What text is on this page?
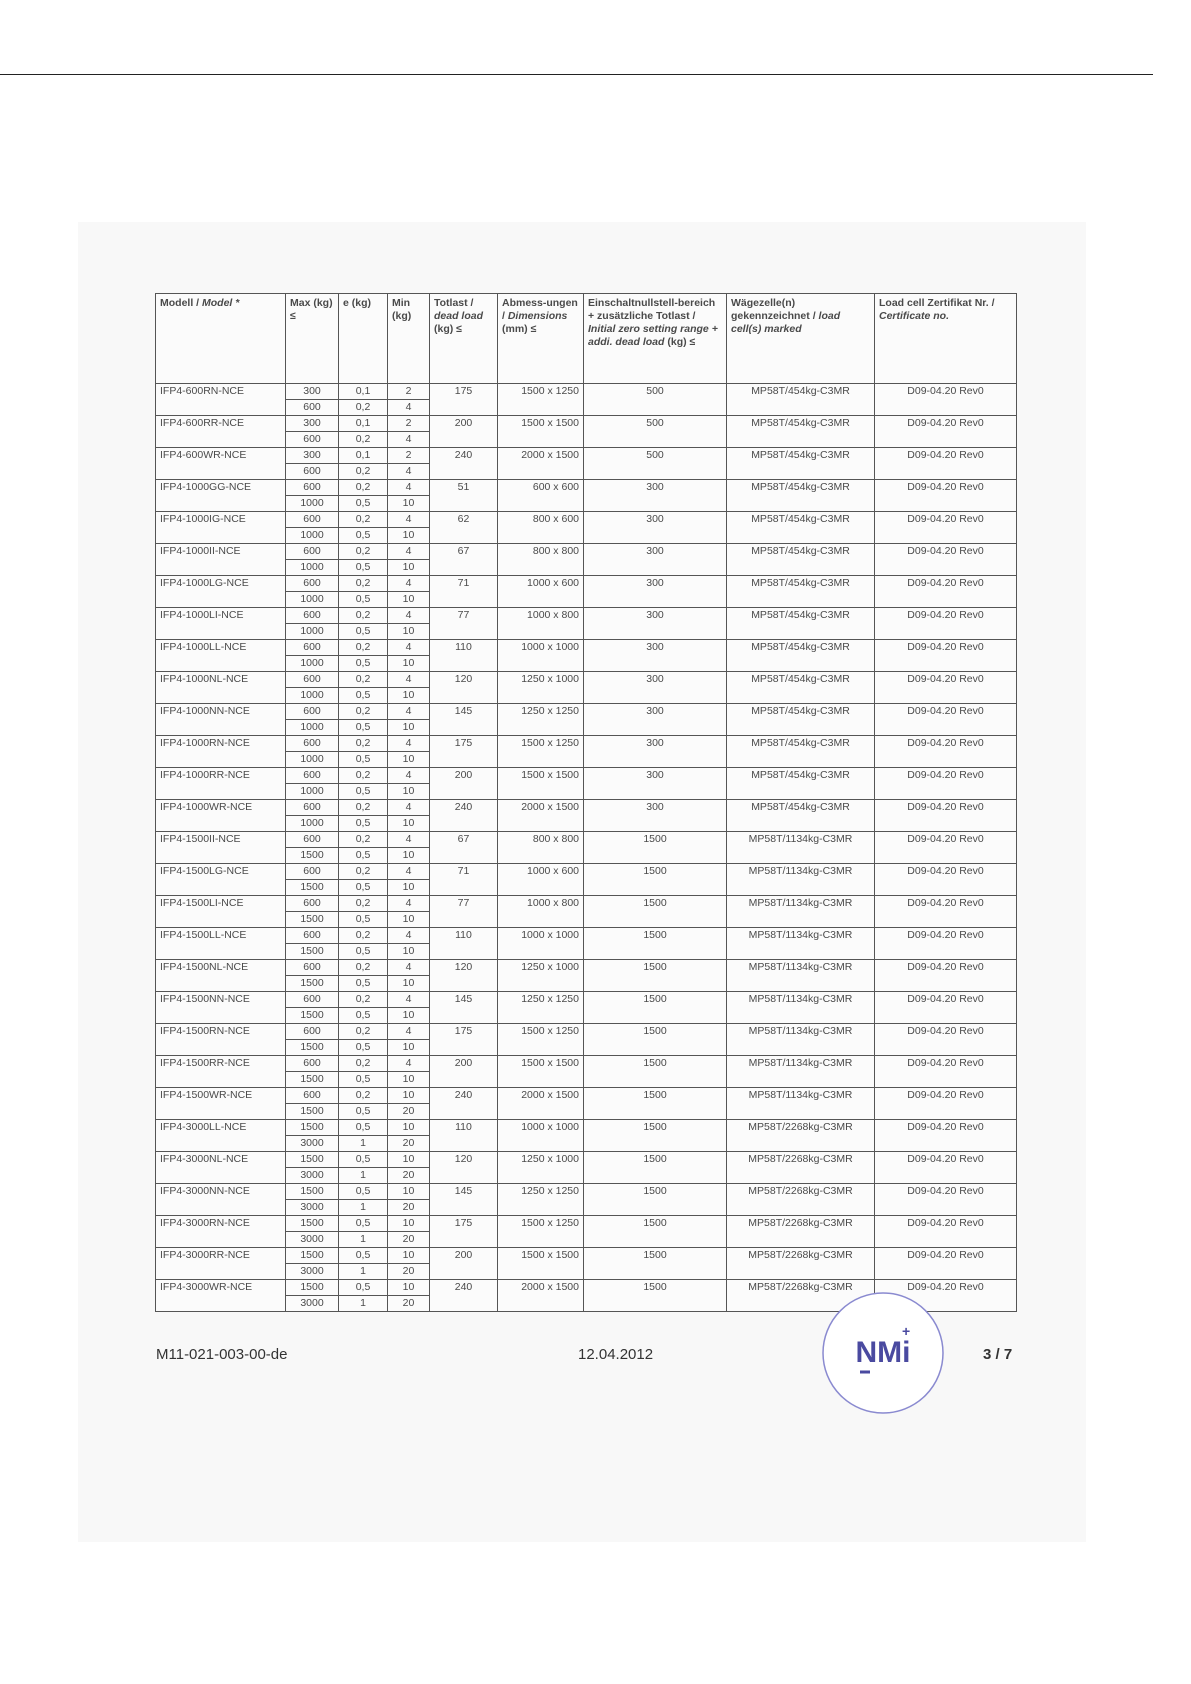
Modell / Model *	Max (kg) ≤	e (kg)	Min (kg)	Totlast / dead load (kg) ≤	Abmess-ungen / Dimensions (mm) ≤	Einschaltnullstell-bereich + zusätzliche Totlast / Initial zero setting range + addi. dead load (kg) ≤	Wägezelle(n) gekennzeichnet / load cell(s) marked	Load cell Zertifikat Nr. / Certificate no.
IFP4-600RN-NCE	300	0,1	2	175	1500 x 1250	500	MP58T/454kg-C3MR	D09-04.20 Rev0
	600	0,2	4					
IFP4-600RR-NCE	300	0,1	2	200	1500 x 1500	500	MP58T/454kg-C3MR	D09-04.20 Rev0
	600	0,2	4					
IFP4-600WR-NCE	300	0,1	2	240	2000 x 1500	500	MP58T/454kg-C3MR	D09-04.20 Rev0
	600	0,2	4					
IFP4-1000GG-NCE	600	0,2	4	51	600 x 600	300	MP58T/454kg-C3MR	D09-04.20 Rev0
	1000	0,5	10					
IFP4-1000IG-NCE	600	0,2	4	62	800 x 600	300	MP58T/454kg-C3MR	D09-04.20 Rev0
	1000	0,5	10					
IFP4-1000II-NCE	600	0,2	4	67	800 x 800	300	MP58T/454kg-C3MR	D09-04.20 Rev0
	1000	0,5	10					
IFP4-1000LG-NCE	600	0,2	4	71	1000 x 600	300	MP58T/454kg-C3MR	D09-04.20 Rev0
	1000	0,5	10					
IFP4-1000LI-NCE	600	0,2	4	77	1000 x 800	300	MP58T/454kg-C3MR	D09-04.20 Rev0
	1000	0,5	10					
IFP4-1000LL-NCE	600	0,2	4	110	1000 x 1000	300	MP58T/454kg-C3MR	D09-04.20 Rev0
	1000	0,5	10					
IFP4-1000NL-NCE	600	0,2	4	120	1250 x 1000	300	MP58T/454kg-C3MR	D09-04.20 Rev0
	1000	0,5	10					
IFP4-1000NN-NCE	600	0,2	4	145	1250 x 1250	300	MP58T/454kg-C3MR	D09-04.20 Rev0
	1000	0,5	10					
IFP4-1000RN-NCE	600	0,2	4	175	1500 x 1250	300	MP58T/454kg-C3MR	D09-04.20 Rev0
	1000	0,5	10					
IFP4-1000RR-NCE	600	0,2	4	200	1500 x 1500	300	MP58T/454kg-C3MR	D09-04.20 Rev0
	1000	0,5	10					
IFP4-1000WR-NCE	600	0,2	4	240	2000 x 1500	300	MP58T/454kg-C3MR	D09-04.20 Rev0
	1000	0,5	10					
IFP4-1500II-NCE	600	0,2	4	67	800 x 800	1500	MP58T/1134kg-C3MR	D09-04.20 Rev0
	1500	0,5	10					
IFP4-1500LG-NCE	600	0,2	4	71	1000 x 600	1500	MP58T/1134kg-C3MR	D09-04.20 Rev0
	1500	0,5	10					
IFP4-1500LI-NCE	600	0,2	4	77	1000 x 800	1500	MP58T/1134kg-C3MR	D09-04.20 Rev0
	1500	0,5	10					
IFP4-1500LL-NCE	600	0,2	4	110	1000 x 1000	1500	MP58T/1134kg-C3MR	D09-04.20 Rev0
	1500	0,5	10					
IFP4-1500NL-NCE	600	0,2	4	120	1250 x 1000	1500	MP58T/1134kg-C3MR	D09-04.20 Rev0
	1500	0,5	10					
IFP4-1500NN-NCE	600	0,2	4	145	1250 x 1250	1500	MP58T/1134kg-C3MR	D09-04.20 Rev0
	1500	0,5	10					
IFP4-1500RN-NCE	600	0,2	4	175	1500 x 1250	1500	MP58T/1134kg-C3MR	D09-04.20 Rev0
	1500	0,5	10					
IFP4-1500RR-NCE	600	0,2	4	200	1500 x 1500	1500	MP58T/1134kg-C3MR	D09-04.20 Rev0
	1500	0,5	10					
IFP4-1500WR-NCE	600	0,2	10	240	2000 x 1500	1500	MP58T/1134kg-C3MR	D09-04.20 Rev0
	1500	0,5	20					
IFP4-3000LL-NCE	1500	0,5	10	110	1000 x 1000	1500	MP58T/2268kg-C3MR	D09-04.20 Rev0
	3000	1	20					
IFP4-3000NL-NCE	1500	0,5	10	120	1250 x 1000	1500	MP58T/2268kg-C3MR	D09-04.20 Rev0
	3000	1	20					
IFP4-3000NN-NCE	1500	0,5	10	145	1250 x 1250	1500	MP58T/2268kg-C3MR	D09-04.20 Rev0
	3000	1	20					
IFP4-3000RN-NCE	1500	0,5	10	175	1500 x 1250	1500	MP58T/2268kg-C3MR	D09-04.20 Rev0
	3000	1	20					
IFP4-3000RR-NCE	1500	0,5	10	200	1500 x 1500	1500	MP58T/2268kg-C3MR	D09-04.20 Rev0
	3000	1	20					
IFP4-3000WR-NCE	1500	0,5	10	240	2000 x 1500	1500	MP58T/2268kg-C3MR	D09-04.20 Rev0
	3000	1	20					
M11-021-003-00-de	12.04.2012	NMi
+
3 / 7
